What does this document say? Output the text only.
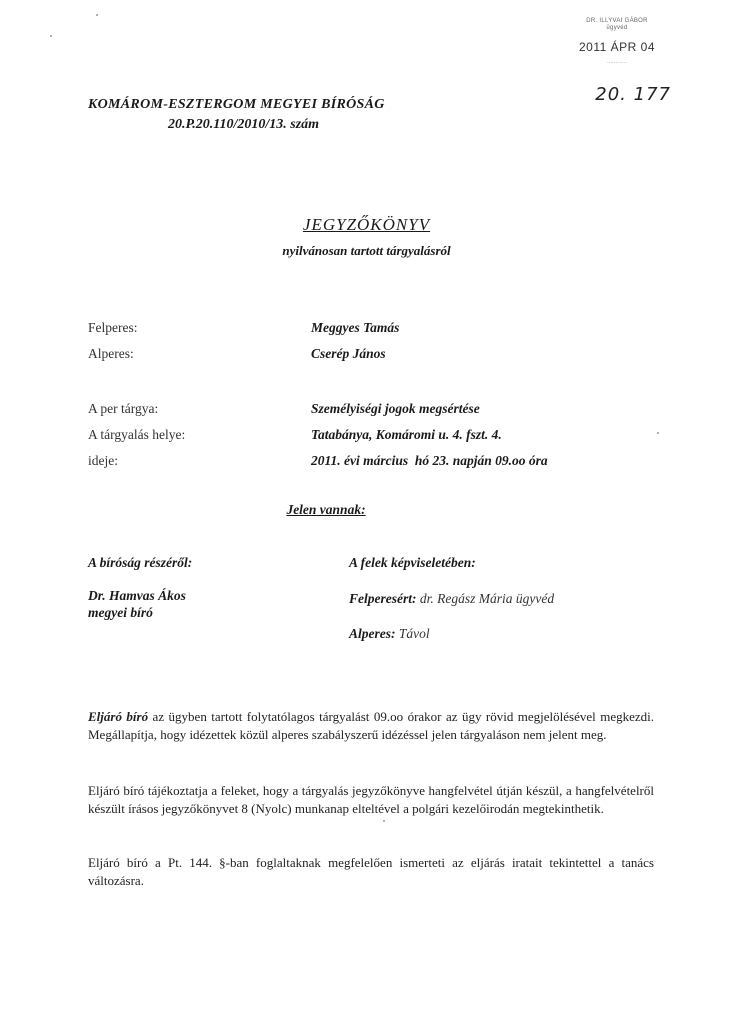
DR. ILLYVAI GÁBOR
ügyvéd
2011 ÁPR 04
············
20. 177
KOMÁROM-ESZTERGOM MEGYEI BÍRÓSÁG
20.P.20.110/2010/13. szám
JEGYZŐKÖNYV
nyilvánosan tartott tárgyalásról
Felperes:	Meggyes Tamás
Alperes:	Cserép János
A per tárgya:	Személyiségi jogok megsértése
A tárgyalás helye:	Tatabánya, Komáromi u. 4. fszt. 4.
ideje:	2011. évi március  hó 23. napján 09.oo óra
Jelen vannak:
A bíróság részéről:
Dr. Hamvas Ákos
megyei bíró
A felek képviseletében:
Felperesért: dr. Regász Mária ügyvéd
Alperes: Távol
Eljáró bíró az ügyben tartott folytatólagos tárgyalást 09.oo órakor az ügy rövid megjelölésével megkezdi. Megállapítja, hogy idézettek közül alperes szabályszerű idézéssel jelen tárgyaláson nem jelent meg.
Eljáró bíró tájékoztatja a feleket, hogy a tárgyalás jegyzőkönyve hangfelvétel útján készül, a hangfelvételről készült írásos jegyzőkönyvet 8 (Nyolc) munkanap elteltével a polgári kezelőirodán megtekinthetik.
Eljáró bíró a Pt. 144. §-ban foglaltaknak megfelelően ismerteti az eljárás iratait tekintettel a tanács változásra.
